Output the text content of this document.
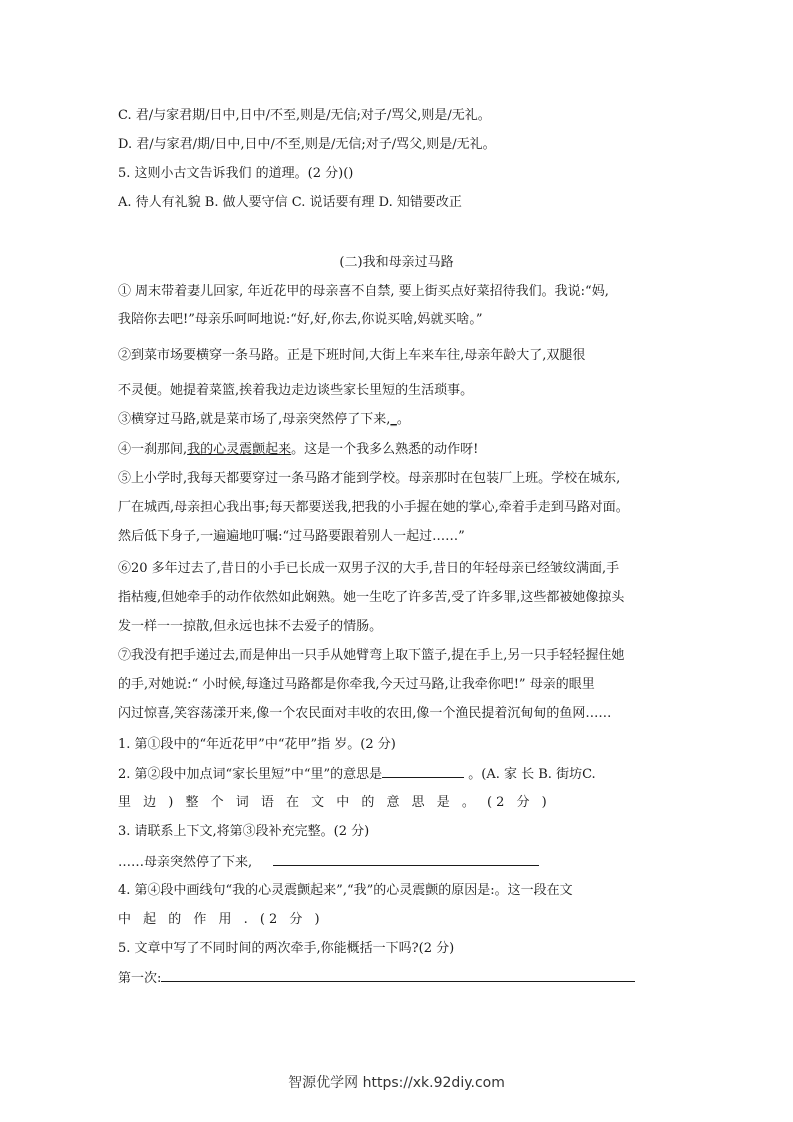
C. 君/与家君期/日中,日中/不至,则是/无信;对子/骂父,则是/无礼。
D. 君/与家君/期/日中,日中/不至,则是/无信;对子/骂父,则是/无礼。
5. 这则小古文告诉我们 的道理。(2 分)()
A. 待人有礼貌 B. 做人要守信 C. 说话要有理 D. 知错要改正
(二)我和母亲过马路
① 周末带着妻儿回家, 年近花甲的母亲喜不自禁, 要上街买点好菜招待我们。我说:“妈,
我陪你去吧!”母亲乐呵呵地说:“好,好,你去,你说买啥,妈就买啥。”
②到菜市场要横穿一条马路。正是下班时间,大街上车来车往,母亲年龄大了,双腿很
不灵便。她提着菜篮,挨着我边走边谈些家长里短的生活琐事。
③横穿过马路,就是菜市场了,母亲突然停了下来,_。
④一刹那间,我的心灵震颤起来。这是一个我多么熟悉的动作呀!
⑤上小学时,我每天都要穿过一条马路才能到学校。母亲那时在包装厂上班。学校在城东,
厂在城西,母亲担心我出事;每天都要送我,把我的小手握在她的掌心,牵着手走到马路对面。
然后低下身子,一遍遍地叮嘱:“过马路要跟着别人一起过……”
⑥20 多年过去了,昔日的小手已长成一双男子汉的大手,昔日的年轻母亲已经皱纹满面,手
指枯瘦,但她牵手的动作依然如此娴熟。她一生吃了许多苦,受了许多罪,这些都被她像掠头
发一样一一掠散,但永远也抹不去爱子的情肠。
⑦我没有把手递过去,而是伸出一只手从她臂弯上取下篮子,提在手上,另一只手轻轻握住她
的手,对她说:“ 小时候,每逢过马路都是你牵我,今天过马路,让我牵你吧!” 母亲的眼里
闪过惊喜,笑容荡漾开来,像一个农民面对丰收的农田,像一个渔民提着沉甸甸的鱼网……
1. 第①段中的“年近花甲”中“花甲”指 岁。(2 分)
2. 第②段中加点词“家长里短”中“里”的意思是	。(A. 家 长 B. 街坊C.
里 边 ) 整 个 词 语 在 文 中 的 意 思 是 。 (2 分 )
3. 请联系上下文,将第③段补充完整。(2 分)
……母亲突然停了下来,
4. 第④段中画线句“我的心灵震颤起来”,“我”的心灵震颤的原因是:。这一段在文
中 起 的 作 用 . (2 分 )
5. 文章中写了不同时间的两次牵手,你能概括一下吗?(2 分)
第一次:
智源优学网 https://xk.92diy.com
